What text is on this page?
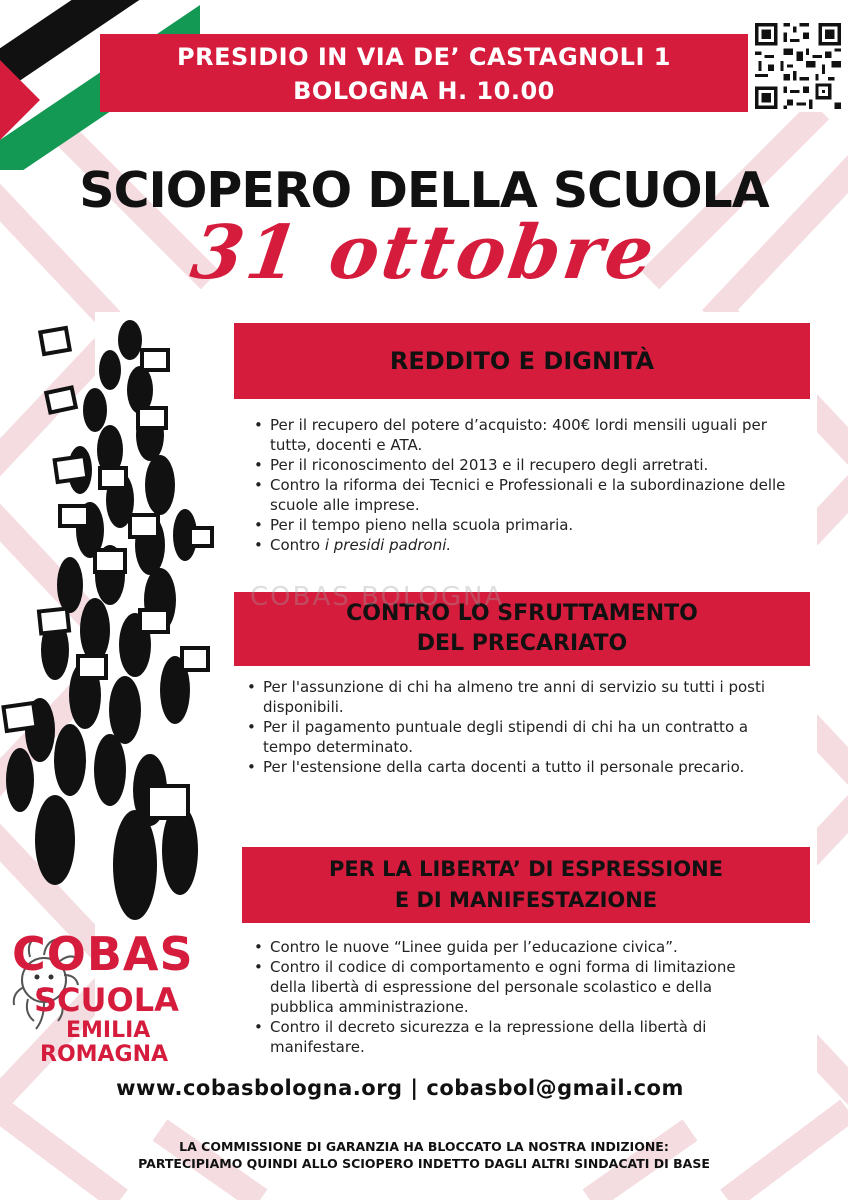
PRESIDIO IN VIA DE’ CASTAGNOLI 1
BOLOGNA H. 10.00
SCIOPERO DELLA SCUOLA
31 ottobre
REDDITO E DIGNITÀ
• Per il recupero del potere d’acquisto: 400€ lordi mensili uguali per tuttə, docenti e ATA.
• Per il riconoscimento del 2013 e il recupero degli arretrati.
• Contro la riforma dei Tecnici e Professionali e la subordinazione delle scuole alle imprese.
• Per il tempo pieno nella scuola primaria.
• Contro i presidi padroni.
COBAS BOLOGNA
CONTRO LO SFRUTTAMENTO
DEL PRECARIATO
• Per l'assunzione di chi ha almeno tre anni di servizio su tutti i posti disponibili.
• Per il pagamento puntuale degli stipendi di chi ha un contratto a tempo determinato.
• Per l'estensione della carta docenti a tutto il personale precario.
PER LA LIBERTA’ DI ESPRESSIONE
E DI MANIFESTAZIONE
• Contro le nuove “Linee guida per l’educazione civica”.
• Contro il codice di comportamento e ogni forma di limitazione della libertà di espressione del personale scolastico e della pubblica amministrazione.
• Contro il decreto sicurezza e la repressione della libertà di manifestare.
COBAS
SCUOLA
EMILIA
ROMAGNA
www.cobasbologna.org | cobasbol@gmail.com
LA COMMISSIONE DI GARANZIA HA BLOCCATO LA NOSTRA INDIZIONE:
PARTECIPIAMO QUINDI ALLO SCIOPERO INDETTO DAGLI ALTRI SINDACATI DI BASE
